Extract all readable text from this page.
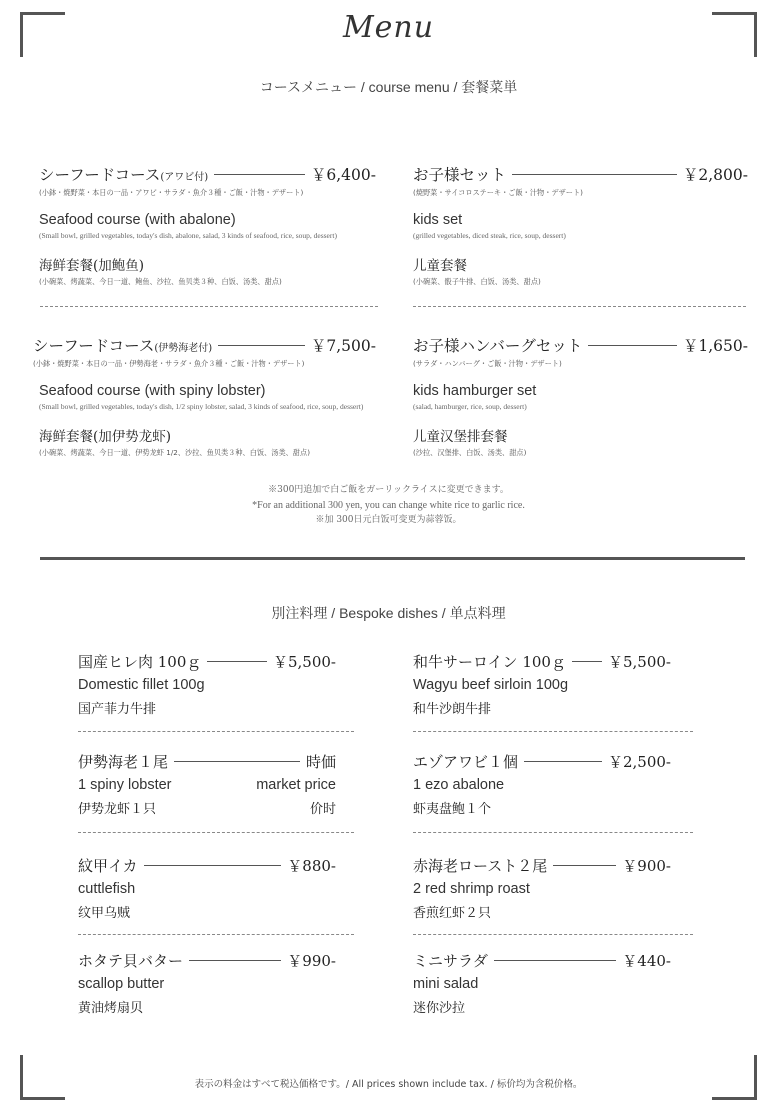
Menu
コースメニュー / course menu / 套餐菜単
シーフードコース(アワビ付)	￥6,400-
(小鉢・焼野菜・本日の一品・アワビ・サラダ・魚介３種・ご飯・汁物・デザート)
Seafood course (with abalone)
(Small bowl, grilled vegetables, today's dish, abalone, salad, 3 kinds of seafood, rice, soup, dessert)
海鲜套餐(加鲍鱼)
(小碗菜、烤蔬菜、今日一道、鲍鱼、沙拉、鱼贝类３种、白饭、汤类、甜点)
お子様セット	￥2,800-
(焼野菜・サイコロステーキ・ご飯・汁物・デザート)
kids set
(grilled vegetables, diced steak, rice, soup, dessert)
儿童套餐
(小碗菜、骰子牛排、白饭、汤类、甜点)
シーフードコース(伊勢海老付)	￥7,500-
(小鉢・焼野菜・本日の一品・伊勢海老・サラダ・魚介３種・ご飯・汁物・デザート)
Seafood course (with spiny lobster)
(Small bowl, grilled vegetables, today's dish, 1/2 spiny lobster, salad, 3 kinds of seafood, rice, soup, dessert)
海鲜套餐(加伊势龙虾)
(小碗菜、烤蔬菜、今日一道、伊势龙虾 1/2、沙拉、鱼贝类３种、白饭、汤类、甜点)
お子様ハンバーグセット	￥1,650-
(サラダ・ハンバーグ・ご飯・汁物・デザート)
kids hamburger set
(salad, hamburger, rice, soup, dessert)
儿童汉堡排套餐
(沙拉、汉堡排、白饭、汤类、甜点)
※300円追加で白ご飯をガーリックライスに変更できます。
*For an additional 300 yen, you can change white rice to garlic rice.
※加 300日元白饭可变更为蒜蓉饭。
別注料理 / Bespoke dishes / 单点料理
国産ヒレ肉 100ｇ	￥5,500-
Domestic fillet 100g
国产菲力牛排
和牛サーロイン 100ｇ	￥5,500-
Wagyu beef sirloin 100g
和牛沙朗牛排
伊勢海老１尾	時価
1 spiny lobster	market price
伊势龙虾１只	价时
エゾアワビ１個	￥2,500-
1 ezo abalone
虾夷盘鲍１个
紋甲イカ	￥880-
cuttlefish
纹甲乌贼
赤海老ロースト２尾	￥900-
2 red shrimp roast
香煎红虾２只
ホタテ貝バター	￥990-
scallop butter
黄油烤扇贝
ミニサラダ	￥440-
mini salad
迷你沙拉
表示の料金はすべて税込価格です。/ All prices shown include tax. / 标价均为含税价格。
